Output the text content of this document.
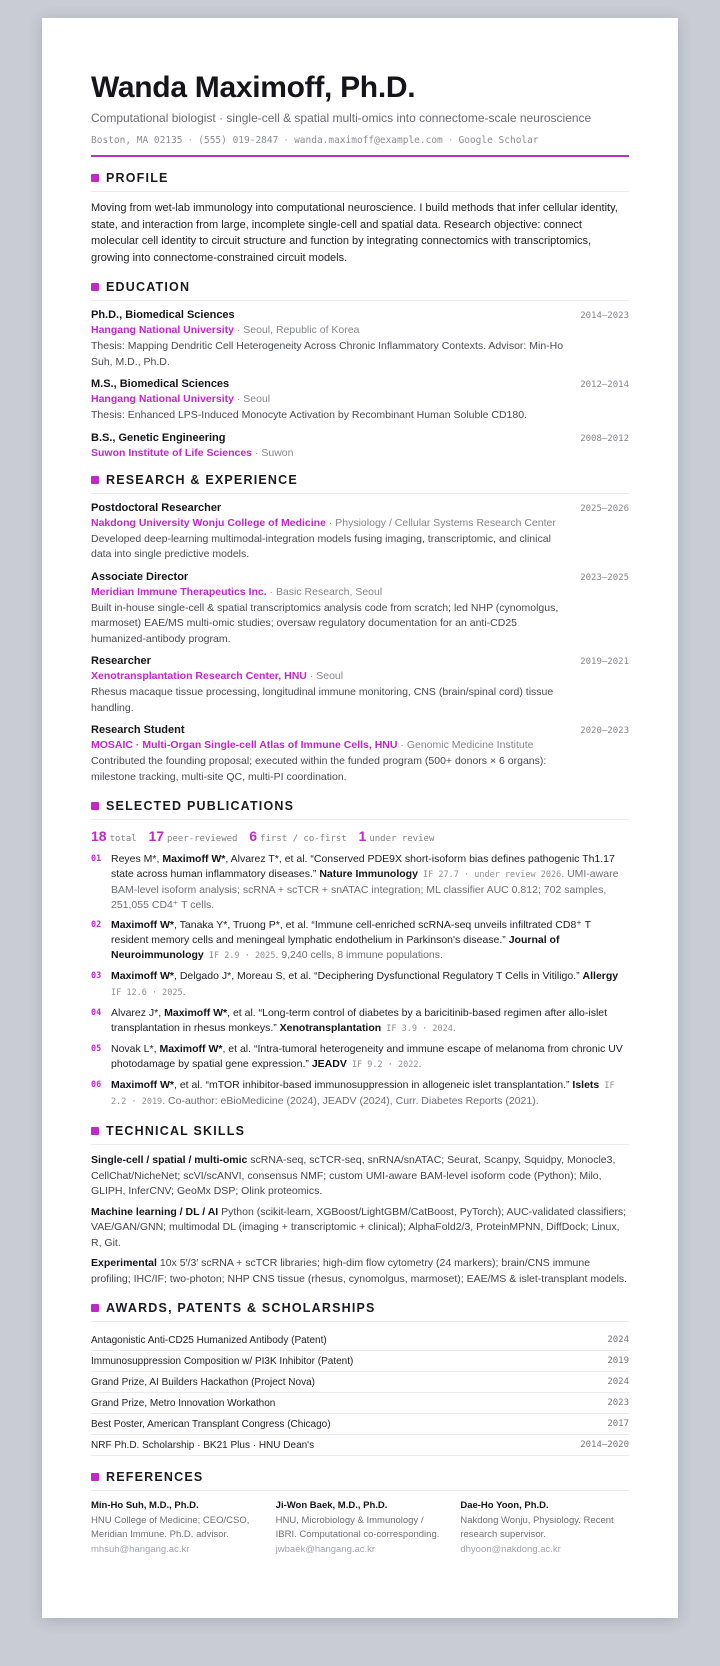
Wanda Maximoff, Ph.D.
Computational biologist · single-cell & spatial multi-omics into connectome-scale neuroscience
Boston, MA 02135 · (555) 019-2847 · wanda.maximoff@example.com · Google Scholar
PROFILE
Moving from wet-lab immunology into computational neuroscience. I build methods that infer cellular identity, state, and interaction from large, incomplete single-cell and spatial data. Research objective: connect molecular cell identity to circuit structure and function by integrating connectomics with transcriptomics, growing into connectome-constrained circuit models.
EDUCATION
Ph.D., Biomedical Sciences	2014–2023
Hangang National University · Seoul, Republic of Korea
Thesis: Mapping Dendritic Cell Heterogeneity Across Chronic Inflammatory Contexts. Advisor: Min-Ho Suh, M.D., Ph.D.
M.S., Biomedical Sciences	2012–2014
Hangang National University · Seoul
Thesis: Enhanced LPS-Induced Monocyte Activation by Recombinant Human Soluble CD180.
B.S., Genetic Engineering	2008–2012
Suwon Institute of Life Sciences · Suwon
RESEARCH & EXPERIENCE
Postdoctoral Researcher	2025–2026
Nakdong University Wonju College of Medicine · Physiology / Cellular Systems Research Center
Developed deep-learning multimodal-integration models fusing imaging, transcriptomic, and clinical data into single predictive models.
Associate Director	2023–2025
Meridian Immune Therapeutics Inc. · Basic Research, Seoul
Built in-house single-cell & spatial transcriptomics analysis code from scratch; led NHP (cynomolgus, marmoset) EAE/MS multi-omic studies; oversaw regulatory documentation for an anti-CD25 humanized-antibody program.
Researcher	2019–2021
Xenotransplantation Research Center, HNU · Seoul
Rhesus macaque tissue processing, longitudinal immune monitoring, CNS (brain/spinal cord) tissue handling.
Research Student	2020–2023
MOSAIC · Multi-Organ Single-cell Atlas of Immune Cells, HNU · Genomic Medicine Institute
Contributed the founding proposal; executed within the funded program (500+ donors × 6 organs): milestone tracking, multi-site QC, multi-PI coordination.
SELECTED PUBLICATIONS
18 total 17 peer-reviewed 6 first / co-first 1 under review
01 Reyes M*, Maximoff W*, Alvarez T*, et al. “Conserved PDE9X short-isoform bias defines pathogenic Th1.17 state across human inflammatory diseases.” Nature Immunology IF 27.7 · under review 2026. UMI-aware BAM-level isoform analysis; scRNA + scTCR + snATAC integration; ML classifier AUC 0.812; 702 samples, 251,055 CD4⁺ T cells.
02 Maximoff W*, Tanaka Y*, Truong P*, et al. “Immune cell-enriched scRNA-seq unveils infiltrated CD8⁺ T resident memory cells and meningeal lymphatic endothelium in Parkinson's disease.” Journal of Neuroimmunology IF 2.9 · 2025. 9,240 cells, 8 immune populations.
03 Maximoff W*, Delgado J*, Moreau S, et al. “Deciphering Dysfunctional Regulatory T Cells in Vitiligo.” Allergy IF 12.6 · 2025.
04 Alvarez J*, Maximoff W*, et al. “Long-term control of diabetes by a baricitinib-based regimen after allo-islet transplantation in rhesus monkeys.” Xenotransplantation IF 3.9 · 2024.
05 Novak L*, Maximoff W*, et al. “Intra-tumoral heterogeneity and immune escape of melanoma from chronic UV photodamage by spatial gene expression.” JEADV IF 9.2 · 2022.
06 Maximoff W*, et al. “mTOR inhibitor-based immunosuppression in allogeneic islet transplantation.” Islets IF 2.2 · 2019. Co-author: eBioMedicine (2024), JEADV (2024), Curr. Diabetes Reports (2021).
TECHNICAL SKILLS
Single-cell / spatial / multi-omic scRNA-seq, scTCR-seq, snRNA/snATAC; Seurat, Scanpy, Squidpy, Monocle3, CellChat/NicheNet; scVI/scANVI, consensus NMF; custom UMI-aware BAM-level isoform code (Python); Milo, GLIPH, InferCNV; GeoMx DSP; Olink proteomics.
Machine learning / DL / AI Python (scikit-learn, XGBoost/LightGBM/CatBoost, PyTorch); AUC-validated classifiers; VAE/GAN/GNN; multimodal DL (imaging + transcriptomic + clinical); AlphaFold2/3, ProteinMPNN, DiffDock; Linux, R, Git.
Experimental 10x 5′/3′ scRNA + scTCR libraries; high-dim flow cytometry (24 markers); brain/CNS immune profiling; IHC/IF; two-photon; NHP CNS tissue (rhesus, cynomolgus, marmoset); EAE/MS & islet-transplant models.
AWARDS, PATENTS & SCHOLARSHIPS
Antagonistic Anti-CD25 Humanized Antibody (Patent)	2024
Immunosuppression Composition w/ PI3K Inhibitor (Patent)	2019
Grand Prize, AI Builders Hackathon (Project Nova)	2024
Grand Prize, Metro Innovation Workathon	2023
Best Poster, American Transplant Congress (Chicago)	2017
NRF Ph.D. Scholarship · BK21 Plus · HNU Dean's	2014–2020
REFERENCES
Min-Ho Suh, M.D., Ph.D.
HNU College of Medicine; CEO/CSO, Meridian Immune. Ph.D. advisor.
mhsuh@hangang.ac.kr
Ji-Won Baek, M.D., Ph.D.
HNU, Microbiology & Immunology / IBRI. Computational co-corresponding.
jwbaek@hangang.ac.kr
Dae-Ho Yoon, Ph.D.
Nakdong Wonju, Physiology. Recent research supervisor.
dhyoon@nakdong.ac.kr
